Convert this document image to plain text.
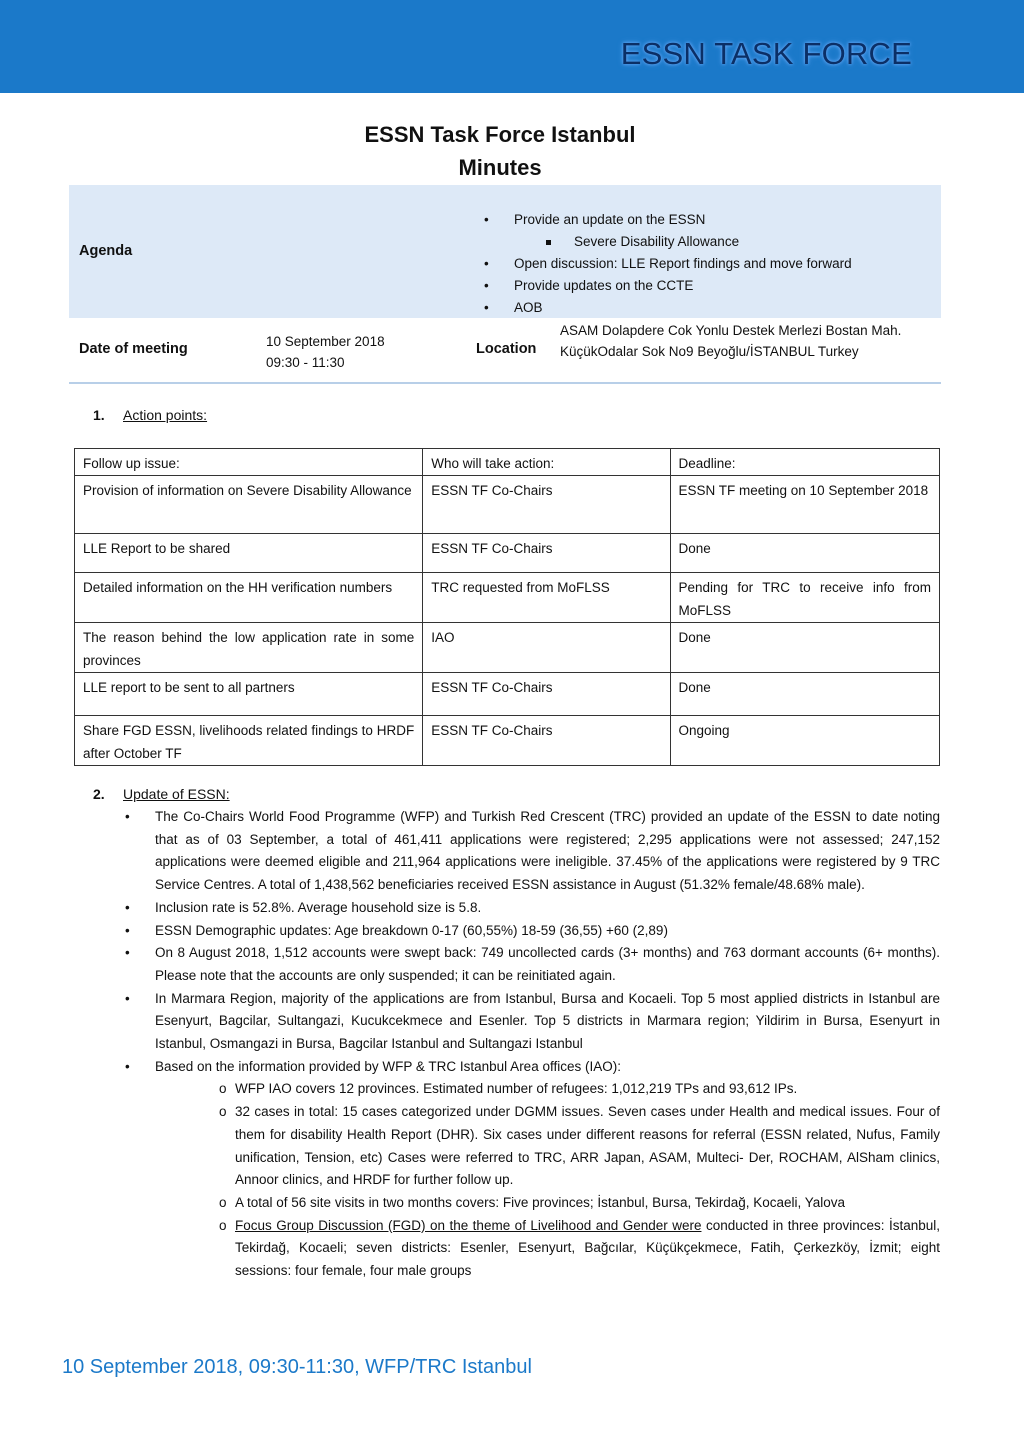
ESSN TASK FORCE
ESSN Task Force Istanbul
Minutes
Agenda
• Provide an update on the ESSN
Severe Disability Allowance
• Open discussion: LLE Report findings and move forward
• Provide updates on the CCTE
• AOB
Date of meeting	10 September 2018
09:30 - 11:30
Location
ASAM Dolapdere Cok Yonlu Destek Merlezi Bostan Mah. KüçükOdalar Sok No9 Beyoğlu/İSTANBUL Turkey
1. Action points:
Follow up issue:	Who will take action:	Deadline:
Provision of information on Severe Disability Allowance	ESSN TF Co-Chairs	ESSN TF meeting on 10 September 2018
LLE Report to be shared	ESSN TF Co-Chairs	Done
Detailed information on the HH verification numbers	TRC requested from MoFLSS	Pending for TRC to receive info from MoFLSS
The reason behind the low application rate in some provinces	IAO	Done
LLE report to be sent to all partners	ESSN TF Co-Chairs	Done
Share FGD ESSN, livelihoods related findings to HRDF after October TF	ESSN TF Co-Chairs	Ongoing
2. Update of ESSN:
• The Co-Chairs World Food Programme (WFP) and Turkish Red Crescent (TRC) provided an update of the ESSN to date noting that as of 03 September, a total of 461,411 applications were registered; 2,295 applications were not assessed; 247,152 applications were deemed eligible and 211,964 applications were ineligible. 37.45% of the applications were registered by 9 TRC Service Centres. A total of 1,438,562 beneficiaries received ESSN assistance in August (51.32% female/48.68% male).
• Inclusion rate is 52.8%. Average household size is 5.8.
• ESSN Demographic updates: Age breakdown 0-17 (60,55%) 18-59 (36,55) +60 (2,89)
• On 8 August 2018, 1,512 accounts were swept back: 749 uncollected cards (3+ months) and 763 dormant accounts (6+ months). Please note that the accounts are only suspended; it can be reinitiated again.
• In Marmara Region, majority of the applications are from Istanbul, Bursa and Kocaeli. Top 5 most applied districts in Istanbul are Esenyurt, Bagcilar, Sultangazi, Kucukcekmece and Esenler. Top 5 districts in Marmara region; Yildirim in Bursa, Esenyurt in Istanbul, Osmangazi in Bursa, Bagcilar Istanbul and Sultangazi Istanbul
• Based on the information provided by WFP & TRC Istanbul Area offices (IAO):
o WFP IAO covers 12 provinces. Estimated number of refugees: 1,012,219 TPs and 93,612 IPs.
o 32 cases in total: 15 cases categorized under DGMM issues. Seven cases under Health and medical issues. Four of them for disability Health Report (DHR). Six cases under different reasons for referral (ESSN related, Nufus, Family unification, Tension, etc) Cases were referred to TRC, ARR Japan, ASAM, Multeci- Der, ROCHAM, AlSham clinics, Annoor clinics, and HRDF for further follow up.
o A total of 56 site visits in two months covers: Five provinces; İstanbul, Bursa, Tekirdağ, Kocaeli, Yalova
o Focus Group Discussion (FGD) on the theme of Livelihood and Gender were conducted in three provinces: İstanbul, Tekirdağ, Kocaeli; seven districts: Esenler, Esenyurt, Bağcılar, Küçükçekmece, Fatih, Çerkezköy, İzmit; eight sessions: four female, four male groups
10 September 2018, 09:30-11:30, WFP/TRC Istanbul
